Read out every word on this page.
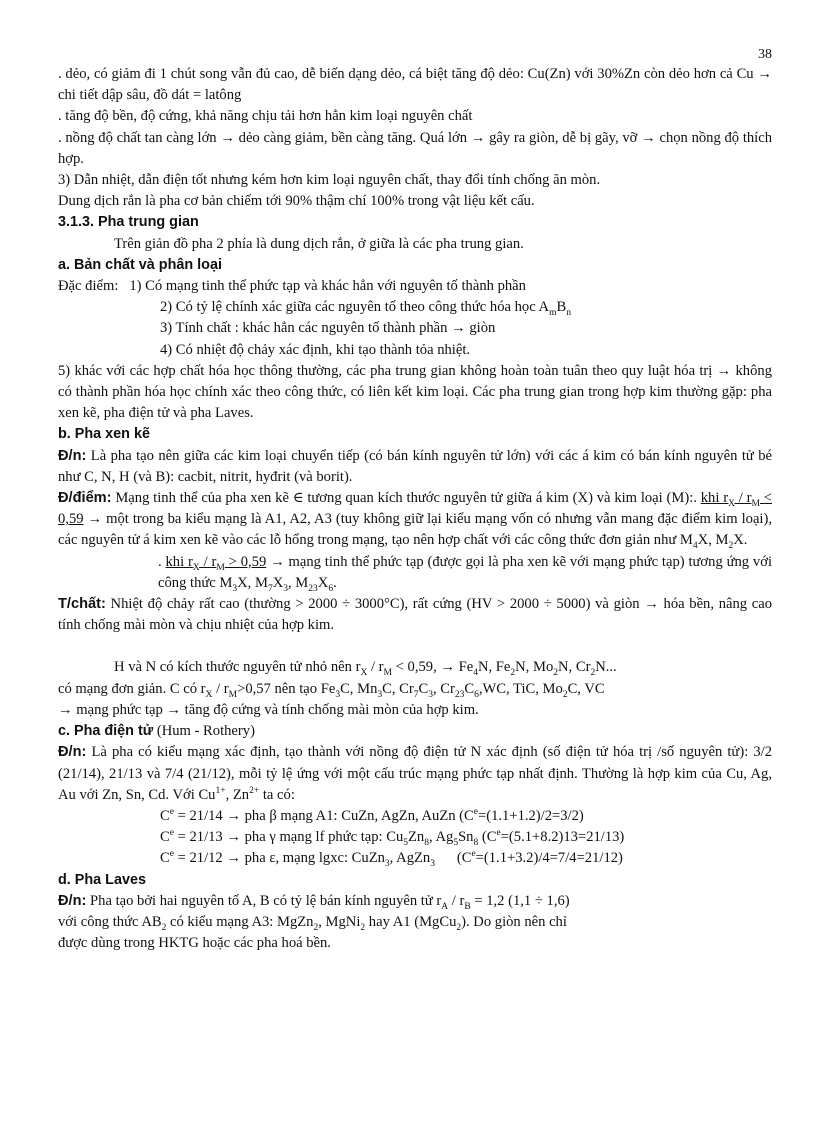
38

. dẻo, có giảm đi 1 chút song vẫn đủ cao, dễ biến dạng dẻo, cá biệt tăng độ dẻo: Cu(Zn) với 30%Zn còn dẻo hơn cả Cu → chi tiết dập sâu, đồ dát = latông

. tăng độ bền, độ cứng, khả năng chịu tải hơn hẳn kim loại nguyên chất

. nồng độ chất tan càng lớn → dẻo càng giảm, bền càng tăng. Quá lớn → gây ra giòn, dễ bị gãy, vỡ → chọn nồng độ thích hợp.

3) Dẫn nhiệt, dẫn điện tốt nhưng kém hơn kim loại nguyên chất, thay đổi tính chống ăn mòn.

Dung dịch rắn là pha cơ bản chiếm tới 90% thậm chí 100% trong vật liệu kết cấu.

3.1.3. Pha trung gian

Trên giản đồ pha 2 phía là dung dịch rắn, ở giữa là các pha trung gian.

a. Bản chất và phân loại

Đặc điểm: 1) Có mạng tinh thể phức tạp và khác hẳn với nguyên tố thành phần

2) Có tỷ lệ chính xác giữa các nguyên tố theo công thức hóa học $A_mB_n$

3) Tính chất : khác hẳn các nguyên tố thành phần → giòn

4) Có nhiệt độ chảy xác định, khi tạo thành tỏa nhiệt.

5) khác với các hợp chất hóa học thông thường, các pha trung gian không hoàn toàn tuân theo quy luật hóa trị → không có thành phần hóa học chính xác theo công thức, có liên kết kim loại. Các pha trung gian trong hợp kim thường gặp: pha xen kẽ, pha điện tử và pha Laves.

b. Pha xen kẽ

Đ/n: Là pha tạo nên giữa các kim loại chuyển tiếp (có bán kính nguyên tử lớn) với các á kim có bán kính nguyên tử bé như C, N, H (và B): cacbit, nitrit, hyđrit (và borit).

Đ/điểm: Mạng tinh thể của pha xen kẽ ∈ tương quan kích thước nguyên tử giữa á kim (X) và kim loại (M):. khi $r_X / r_M < 0,59$ → một trong ba kiểu mạng là A1, A2, A3 (tuy không giữ lại kiểu mạng vốn có nhưng vẫn mang đặc điểm kim loại), các nguyên tử á kim xen kẽ vào các lỗ hổng trong mạng, tạo nên hợp chất với các công thức đơn giản như $M_4X$, $M_2X$.

. khi $r_X / r_M > 0,59$ → mạng tinh thể phức tạp (được gọi là pha xen kẽ với mạng phức tạp) tương ứng với công thức $M_3X$, $M_7X_3$, $M_{23}X_6$.

T/chất: Nhiệt độ chảy rất cao (thường > 2000 ÷ 3000°C), rất cứng (HV > 2000 ÷ 5000) và giòn → hóa bền, nâng cao tính chống mài mòn và chịu nhiệt của hợp kim.

H và N có kích thước nguyên tử nhỏ nên $r_X / r_M < 0,59$, → $Fe_4N$, $Fe_2N$, $Mo_2N$, $Cr_2N$...

có mạng đơn giản. C có $r_X / r_M>0,57$ nên tạo $Fe_3C$, $Mn_3C$, $Cr_7C_3$, $Cr_{23}C_6,WC$, TiC, $Mo_2C$, VC

→ mạng phức tạp → tăng độ cứng và tính chống mài mòn của hợp kim.

c. Pha điện tử (Hum - Rothery)

Đ/n: Là pha có kiểu mạng xác định, tạo thành với nồng độ điện tử N xác định (số điện tử hóa trị /số nguyên tử): 3/2 (21/14), 21/13 và 7/4 (21/12), mỗi tỷ lệ ứng với một cấu trúc mạng phức tạp nhất định. Thường là hợp kim của Cu, Ag, Au với Zn, Sn, Cd. Với $Cu^{1+}$, $Zn^{2+}$ ta có:

$C^e = 21/14$ → pha β mạng A1: CuZn, AgZn, AuZn $(C^e=(1.1+1.2)/2=3/2)$

$C^e = 21/13$ → pha γ mạng lf phức tạp: $Cu_5Zn_8$, $Ag_5Sn_8$ $(C^e=(5.1+8.2)13=21/13)$

$C^e = 21/12$ → pha ε, mạng lgxc: CuZn$_3$, AgZn$_3$      $(C^e=(1.1+3.2)/4=7/4=21/12)$

d. Pha Laves

Đ/n: Pha tạo bởi hai nguyên tố A, B có tỷ lệ bán kính nguyên tử $r_A / r_B = 1,2$ (1,1 ÷ 1,6)

với công thức $AB_2$ có kiểu mạng A3: MgZn$_2$, MgNi$_2$ hay A1 (MgCu$_2$). Do giòn nên chỉ

được dùng trong HKTG hoặc các pha hoá bền.
